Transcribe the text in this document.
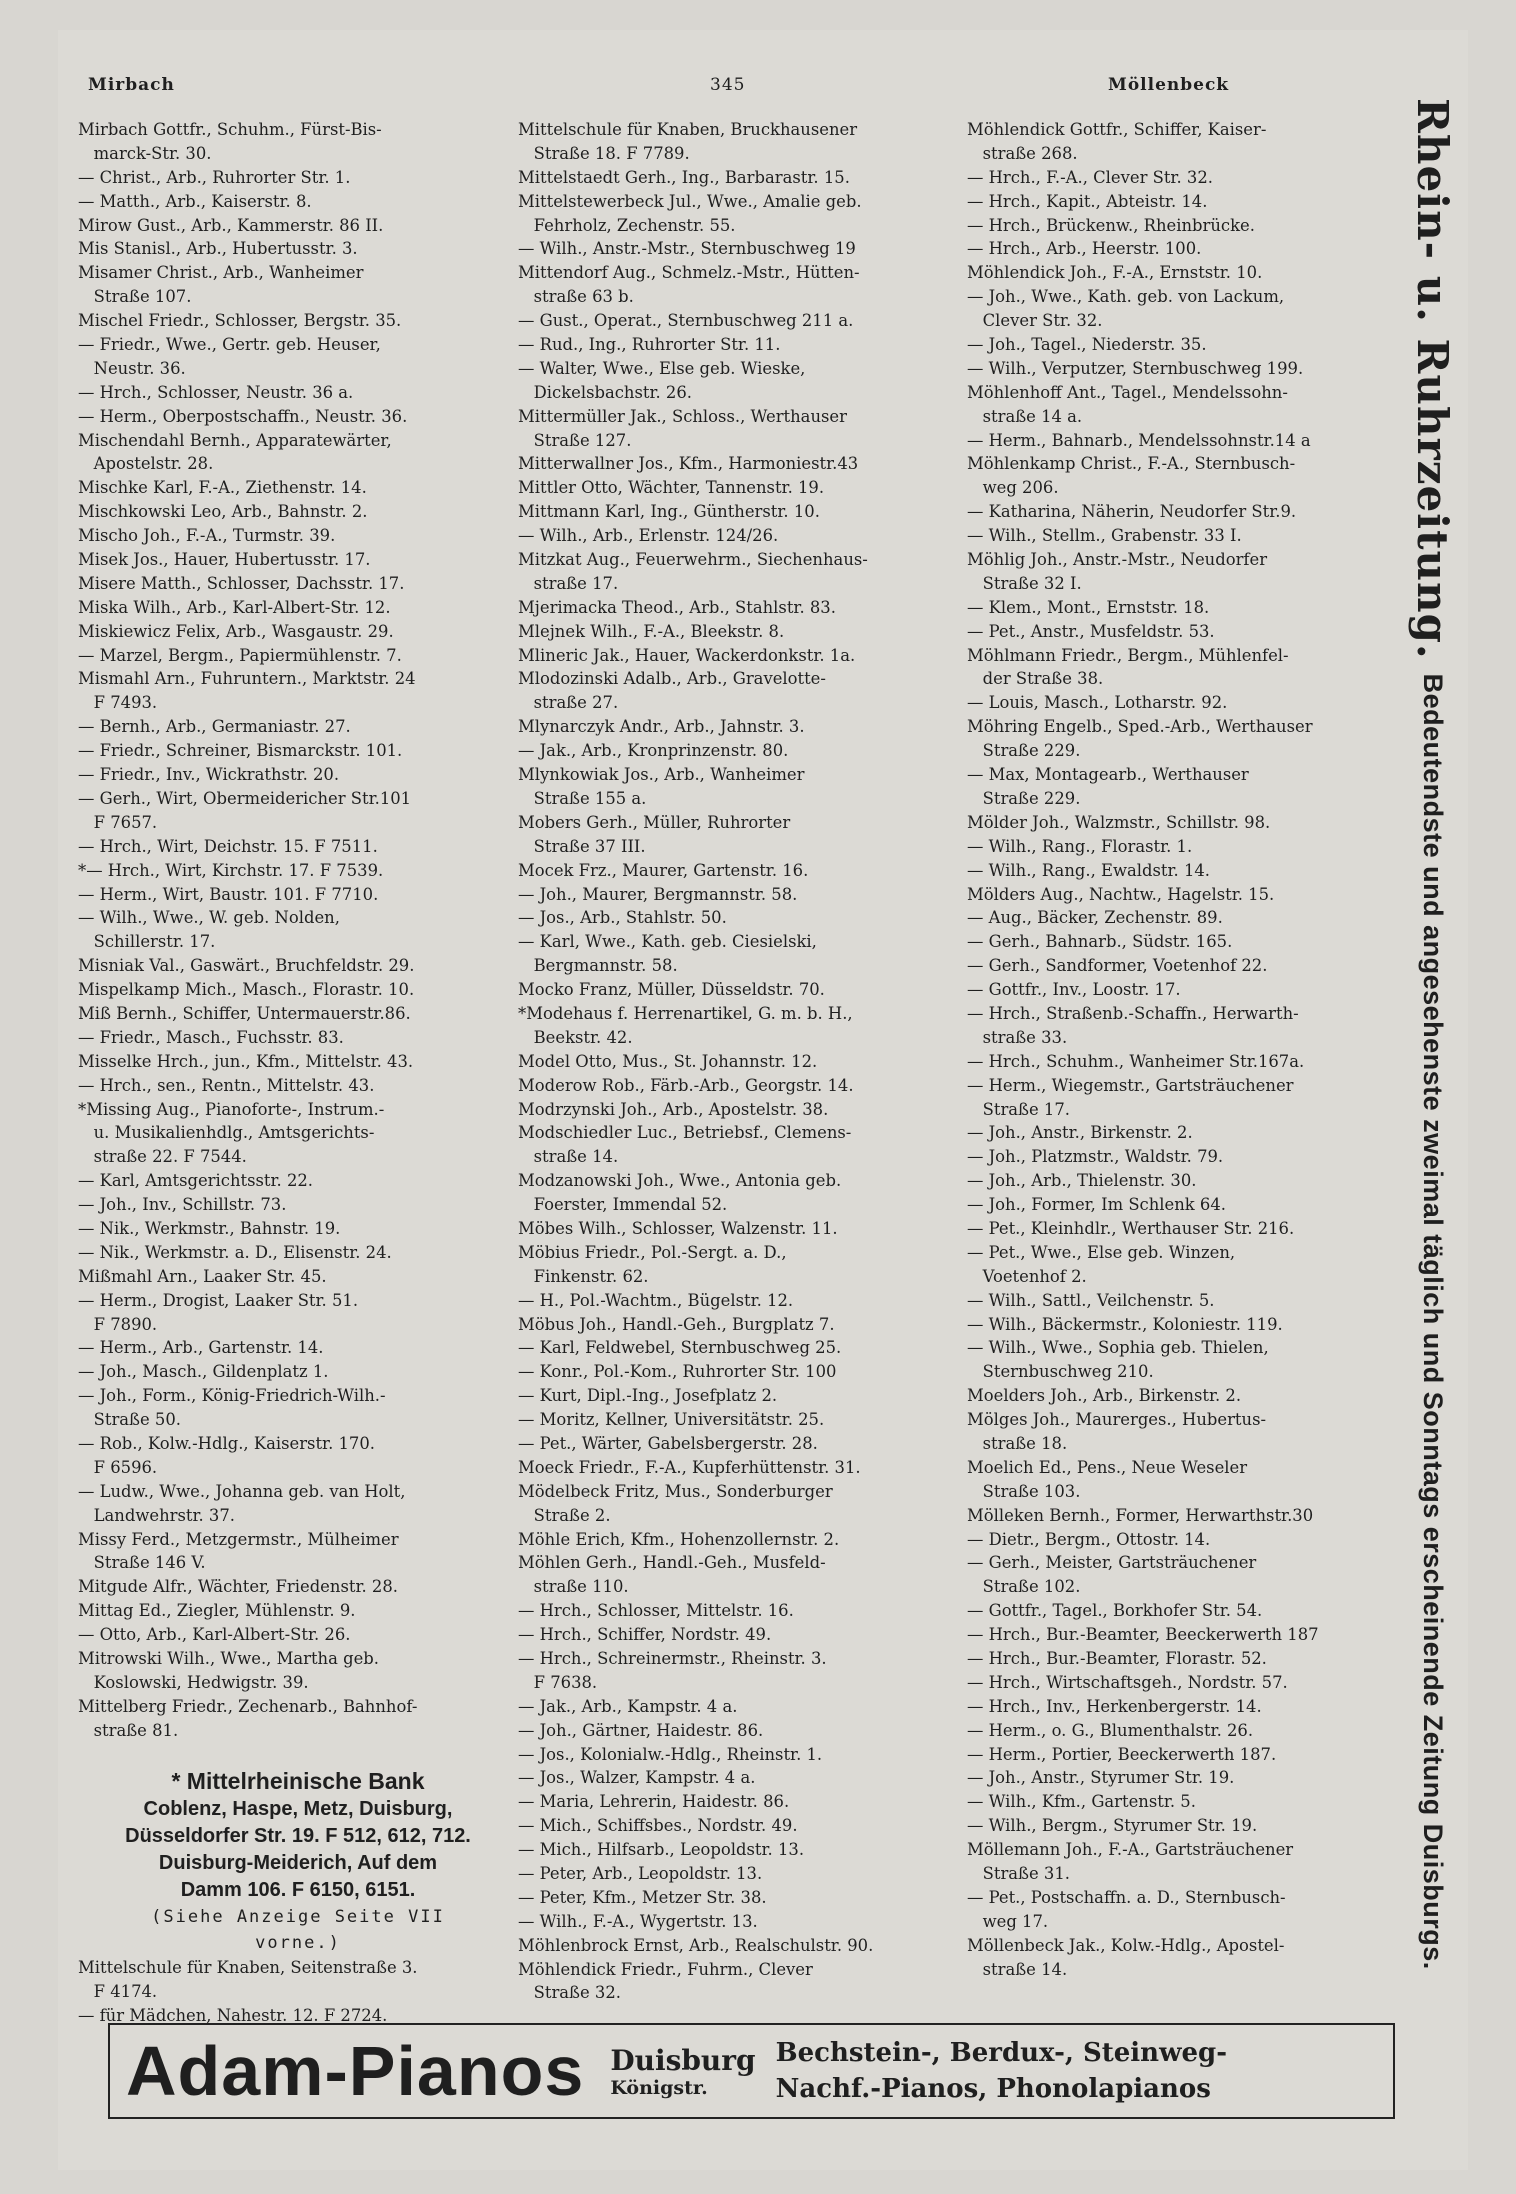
Mirbach	345	Möllenbeck
Mirbach Gottfr., Schuhm., Fürst-Bis-
marck-Str. 30.
— Christ., Arb., Ruhrorter Str. 1.
— Matth., Arb., Kaiserstr. 8.
Mirow Gust., Arb., Kammerstr. 86 II.
Mis Stanisl., Arb., Hubertusstr. 3.
Misamer Christ., Arb., Wanheimer
Straße 107.
Mischel Friedr., Schlosser, Bergstr. 35.
— Friedr., Wwe., Gertr. geb. Heuser,
Neustr. 36.
— Hrch., Schlosser, Neustr. 36 a.
— Herm., Oberpostschaffn., Neustr. 36.
Mischendahl Bernh., Apparatewärter,
Apostelstr. 28.
Mischke Karl, F.-A., Ziethenstr. 14.
Mischkowski Leo, Arb., Bahnstr. 2.
Mischo Joh., F.-A., Turmstr. 39.
Misek Jos., Hauer, Hubertusstr. 17.
Misere Matth., Schlosser, Dachsstr. 17.
Miska Wilh., Arb., Karl-Albert-Str. 12.
Miskiewicz Felix, Arb., Wasgaustr. 29.
— Marzel, Bergm., Papiermühlenstr. 7.
Mismahl Arn., Fuhruntern., Marktstr. 24
F 7493.
— Bernh., Arb., Germaniastr. 27.
— Friedr., Schreiner, Bismarckstr. 101.
— Friedr., Inv., Wickrathstr. 20.
— Gerh., Wirt, Obermeidericher Str.101
F 7657.
— Hrch., Wirt, Deichstr. 15. F 7511.
*— Hrch., Wirt, Kirchstr. 17. F 7539.
— Herm., Wirt, Baustr. 101. F 7710.
— Wilh., Wwe., W. geb. Nolden,
Schillerstr. 17.
Misniak Val., Gaswärt., Bruchfeldstr. 29.
Mispelkamp Mich., Masch., Florastr. 10.
Miß Bernh., Schiffer, Untermauerstr.86.
— Friedr., Masch., Fuchsstr. 83.
Misselke Hrch., jun., Kfm., Mittelstr. 43.
— Hrch., sen., Rentn., Mittelstr. 43.
*Missing Aug., Pianoforte-, Instrum.-
u. Musikalienhdlg., Amtsgerichts-
straße 22. F 7544.
— Karl, Amtsgerichtsstr. 22.
— Joh., Inv., Schillstr. 73.
— Nik., Werkmstr., Bahnstr. 19.
— Nik., Werkmstr. a. D., Elisenstr. 24.
Mißmahl Arn., Laaker Str. 45.
— Herm., Drogist, Laaker Str. 51.
F 7890.
— Herm., Arb., Gartenstr. 14.
— Joh., Masch., Gildenplatz 1.
— Joh., Form., König-Friedrich-Wilh.-
Straße 50.
— Rob., Kolw.-Hdlg., Kaiserstr. 170.
F 6596.
— Ludw., Wwe., Johanna geb. van Holt,
Landwehrstr. 37.
Missy Ferd., Metzgermstr., Mülheimer
Straße 146 V.
Mitgude Alfr., Wächter, Friedenstr. 28.
Mittag Ed., Ziegler, Mühlenstr. 9.
— Otto, Arb., Karl-Albert-Str. 26.
Mitrowski Wilh., Wwe., Martha geb.
Koslowski, Hedwigstr. 39.
Mittelberg Friedr., Zechenarb., Bahnhof-
straße 81.
* Mittelrheinische Bank
Coblenz, Haspe, Metz, Duisburg,
Düsseldorfer Str. 19. F 512, 612, 712.
Duisburg-Meiderich, Auf dem
Damm 106. F 6150, 6151.
(Siehe Anzeige Seite VII
vorne.)
Mittelschule für Knaben, Seitenstraße 3.
F 4174.
— für Mädchen, Nahestr. 12. F 2724.
Mittelschule für Knaben, Bruckhausener
Straße 18. F 7789.
Mittelstaedt Gerh., Ing., Barbarastr. 15.
Mittelstewerbeck Jul., Wwe., Amalie geb.
Fehrholz, Zechenstr. 55.
— Wilh., Anstr.-Mstr., Sternbuschweg 19
Mittendorf Aug., Schmelz.-Mstr., Hütten-
straße 63 b.
— Gust., Operat., Sternbuschweg 211 a.
— Rud., Ing., Ruhrorter Str. 11.
— Walter, Wwe., Else geb. Wieske,
Dickelsbachstr. 26.
Mittermüller Jak., Schloss., Werthauser
Straße 127.
Mitterwallner Jos., Kfm., Harmoniestr.43
Mittler Otto, Wächter, Tannenstr. 19.
Mittmann Karl, Ing., Güntherstr. 10.
— Wilh., Arb., Erlenstr. 124/26.
Mitzkat Aug., Feuerwehrm., Siechenhaus-
straße 17.
Mjerimacka Theod., Arb., Stahlstr. 83.
Mlejnek Wilh., F.-A., Bleekstr. 8.
Mlineric Jak., Hauer, Wackerdonkstr. 1a.
Mlodozinski Adalb., Arb., Gravelotte-
straße 27.
Mlynarczyk Andr., Arb., Jahnstr. 3.
— Jak., Arb., Kronprinzenstr. 80.
Mlynkowiak Jos., Arb., Wanheimer
Straße 155 a.
Mobers Gerh., Müller, Ruhrorter
Straße 37 III.
Mocek Frz., Maurer, Gartenstr. 16.
— Joh., Maurer, Bergmannstr. 58.
— Jos., Arb., Stahlstr. 50.
— Karl, Wwe., Kath. geb. Ciesielski,
Bergmannstr. 58.
Mocko Franz, Müller, Düsseldstr. 70.
*Modehaus f. Herrenartikel, G. m. b. H.,
Beekstr. 42.
Model Otto, Mus., St. Johannstr. 12.
Moderow Rob., Färb.-Arb., Georgstr. 14.
Modrzynski Joh., Arb., Apostelstr. 38.
Modschiedler Luc., Betriebsf., Clemens-
straße 14.
Modzanowski Joh., Wwe., Antonia geb.
Foerster, Immendal 52.
Möbes Wilh., Schlosser, Walzenstr. 11.
Möbius Friedr., Pol.-Sergt. a. D.,
Finkenstr. 62.
— H., Pol.-Wachtm., Bügelstr. 12.
Möbus Joh., Handl.-Geh., Burgplatz 7.
— Karl, Feldwebel, Sternbuschweg 25.
— Konr., Pol.-Kom., Ruhrorter Str. 100
— Kurt, Dipl.-Ing., Josefplatz 2.
— Moritz, Kellner, Universitätstr. 25.
— Pet., Wärter, Gabelsbergerstr. 28.
Moeck Friedr., F.-A., Kupferhüttenstr. 31.
Mödelbeck Fritz, Mus., Sonderburger
Straße 2.
Möhle Erich, Kfm., Hohenzollernstr. 2.
Möhlen Gerh., Handl.-Geh., Musfeld-
straße 110.
— Hrch., Schlosser, Mittelstr. 16.
— Hrch., Schiffer, Nordstr. 49.
— Hrch., Schreinermstr., Rheinstr. 3.
F 7638.
— Jak., Arb., Kampstr. 4 a.
— Joh., Gärtner, Haidestr. 86.
— Jos., Kolonialw.-Hdlg., Rheinstr. 1.
— Jos., Walzer, Kampstr. 4 a.
— Maria, Lehrerin, Haidestr. 86.
— Mich., Schiffsbes., Nordstr. 49.
— Mich., Hilfsarb., Leopoldstr. 13.
— Peter, Arb., Leopoldstr. 13.
— Peter, Kfm., Metzer Str. 38.
— Wilh., F.-A., Wygertstr. 13.
Möhlenbrock Ernst, Arb., Realschulstr. 90.
Möhlendick Friedr., Fuhrm., Clever
Straße 32.
Möhlendick Gottfr., Schiffer, Kaiser-
straße 268.
— Hrch., F.-A., Clever Str. 32.
— Hrch., Kapit., Abteistr. 14.
— Hrch., Brückenw., Rheinbrücke.
— Hrch., Arb., Heerstr. 100.
Möhlendick Joh., F.-A., Ernststr. 10.
— Joh., Wwe., Kath. geb. von Lackum,
Clever Str. 32.
— Joh., Tagel., Niederstr. 35.
— Wilh., Verputzer, Sternbuschweg 199.
Möhlenhoff Ant., Tagel., Mendelssohn-
straße 14 a.
— Herm., Bahnarb., Mendelssohnstr.14 a
Möhlenkamp Christ., F.-A., Sternbusch-
weg 206.
— Katharina, Näherin, Neudorfer Str.9.
— Wilh., Stellm., Grabenstr. 33 I.
Möhlig Joh., Anstr.-Mstr., Neudorfer
Straße 32 I.
— Klem., Mont., Ernststr. 18.
— Pet., Anstr., Musfeldstr. 53.
Möhlmann Friedr., Bergm., Mühlenfel-
der Straße 38.
— Louis, Masch., Lotharstr. 92.
Möhring Engelb., Sped.-Arb., Werthauser
Straße 229.
— Max, Montagearb., Werthauser
Straße 229.
Mölder Joh., Walzmstr., Schillstr. 98.
— Wilh., Rang., Florastr. 1.
— Wilh., Rang., Ewaldstr. 14.
Mölders Aug., Nachtw., Hagelstr. 15.
— Aug., Bäcker, Zechenstr. 89.
— Gerh., Bahnarb., Südstr. 165.
— Gerh., Sandformer, Voetenhof 22.
— Gottfr., Inv., Loostr. 17.
— Hrch., Straßenb.-Schaffn., Herwarth-
straße 33.
— Hrch., Schuhm., Wanheimer Str.167a.
— Herm., Wiegemstr., Gartsträuchener
Straße 17.
— Joh., Anstr., Birkenstr. 2.
— Joh., Platzmstr., Waldstr. 79.
— Joh., Arb., Thielenstr. 30.
— Joh., Former, Im Schlenk 64.
— Pet., Kleinhdlr., Werthauser Str. 216.
— Pet., Wwe., Else geb. Winzen,
Voetenhof 2.
— Wilh., Sattl., Veilchenstr. 5.
— Wilh., Bäckermstr., Koloniestr. 119.
— Wilh., Wwe., Sophia geb. Thielen,
Sternbuschweg 210.
Moelders Joh., Arb., Birkenstr. 2.
Mölges Joh., Maurerges., Hubertus-
straße 18.
Moelich Ed., Pens., Neue Weseler
Straße 103.
Mölleken Bernh., Former, Herwarthstr.30
— Dietr., Bergm., Ottostr. 14.
— Gerh., Meister, Gartsträuchener
Straße 102.
— Gottfr., Tagel., Borkhofer Str. 54.
— Hrch., Bur.-Beamter, Beeckerwerth 187
— Hrch., Bur.-Beamter, Florastr. 52.
— Hrch., Wirtschaftsgeh., Nordstr. 57.
— Hrch., Inv., Herkenbergerstr. 14.
— Herm., o. G., Blumenthalstr. 26.
— Herm., Portier, Beeckerwerth 187.
— Joh., Anstr., Styrumer Str. 19.
— Wilh., Kfm., Gartenstr. 5.
— Wilh., Bergm., Styrumer Str. 19.
Möllemann Joh., F.-A., Gartsträuchener
Straße 31.
— Pet., Postschaffn. a. D., Sternbusch-
weg 17.
Möllenbeck Jak., Kolw.-Hdlg., Apostel-
straße 14.
Rhein- u. Ruhrzeitung.
Bedeutendste und angesehenste zweimal täglich und Sonntags erscheinende Zeitung Duisburgs.
Adam-Pianos Duisburg
Königstr.
Bechstein-, Berdux-, Steinweg-
Nachf.-Pianos, Phonolapianos
